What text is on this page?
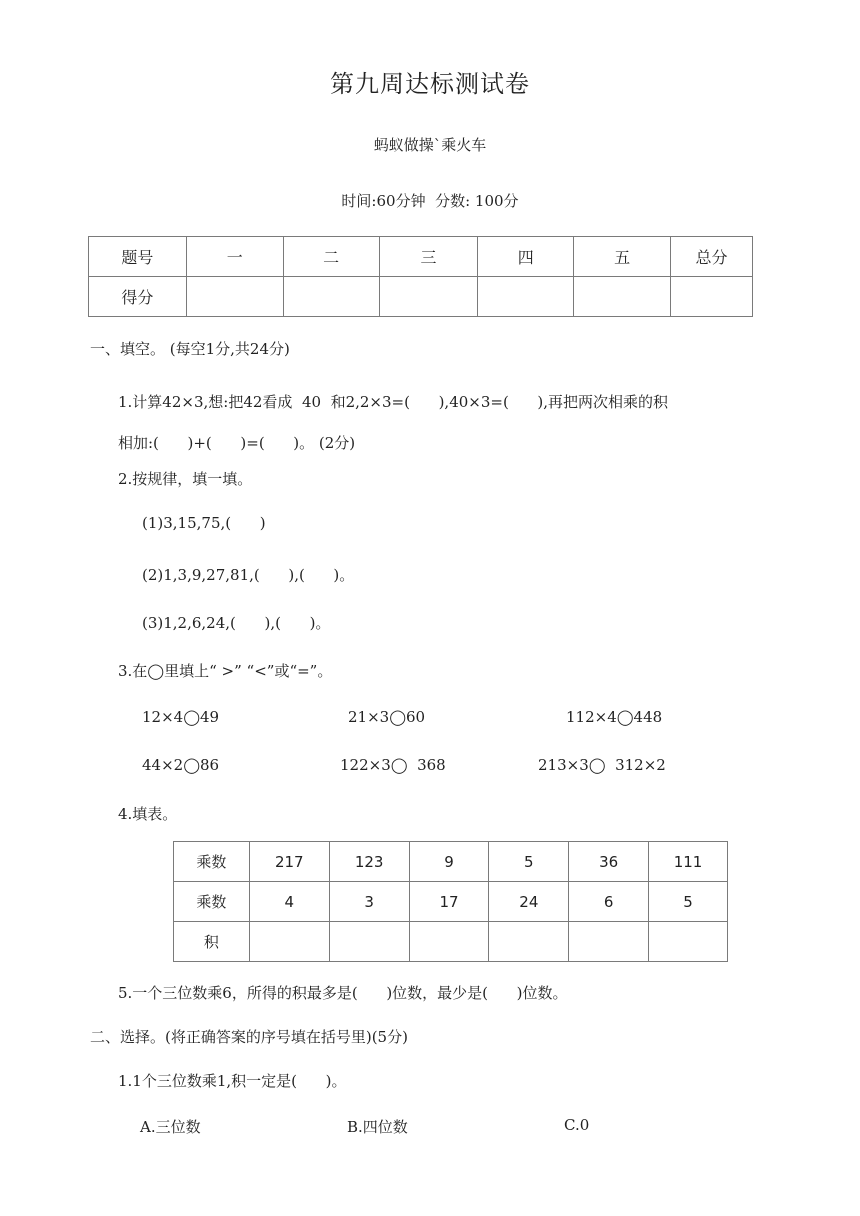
第九周达标测试卷
蚂蚁做操`乘火车
时间:60分钟  分数: 100分
题号	一	二	三	四	五	总分
得分						
一、填空。 (每空1分,共24分)
1.计算42×3,想:把42看成  40  和2,2×3=(      ),40×3=(      ),再把两次相乘的积
相加:(      )+(      )=(      )。 (2分)
2.按规律，填一填。
(1)3,15,75,(      )
(2)1,3,9,27,81,(      ),(      )。
(3)1,2,6,24,(      ),(      )。
3.在◯里填上“ >” “<”或“=”。
12×4◯49	21×3◯60	112×4◯448
44×2◯86	122×3◯  368	213×3◯  312×2
4.填表。
乘数	217	123	9	5	36	111
乘数	4	3	17	24	6	5
积						
5.一个三位数乘6，所得的积最多是(      )位数，最少是(      )位数。
二、选择。(将正确答案的序号填在括号里)(5分)
1.1个三位数乘1,积一定是(      )。
A.三位数	B.四位数	C.0
